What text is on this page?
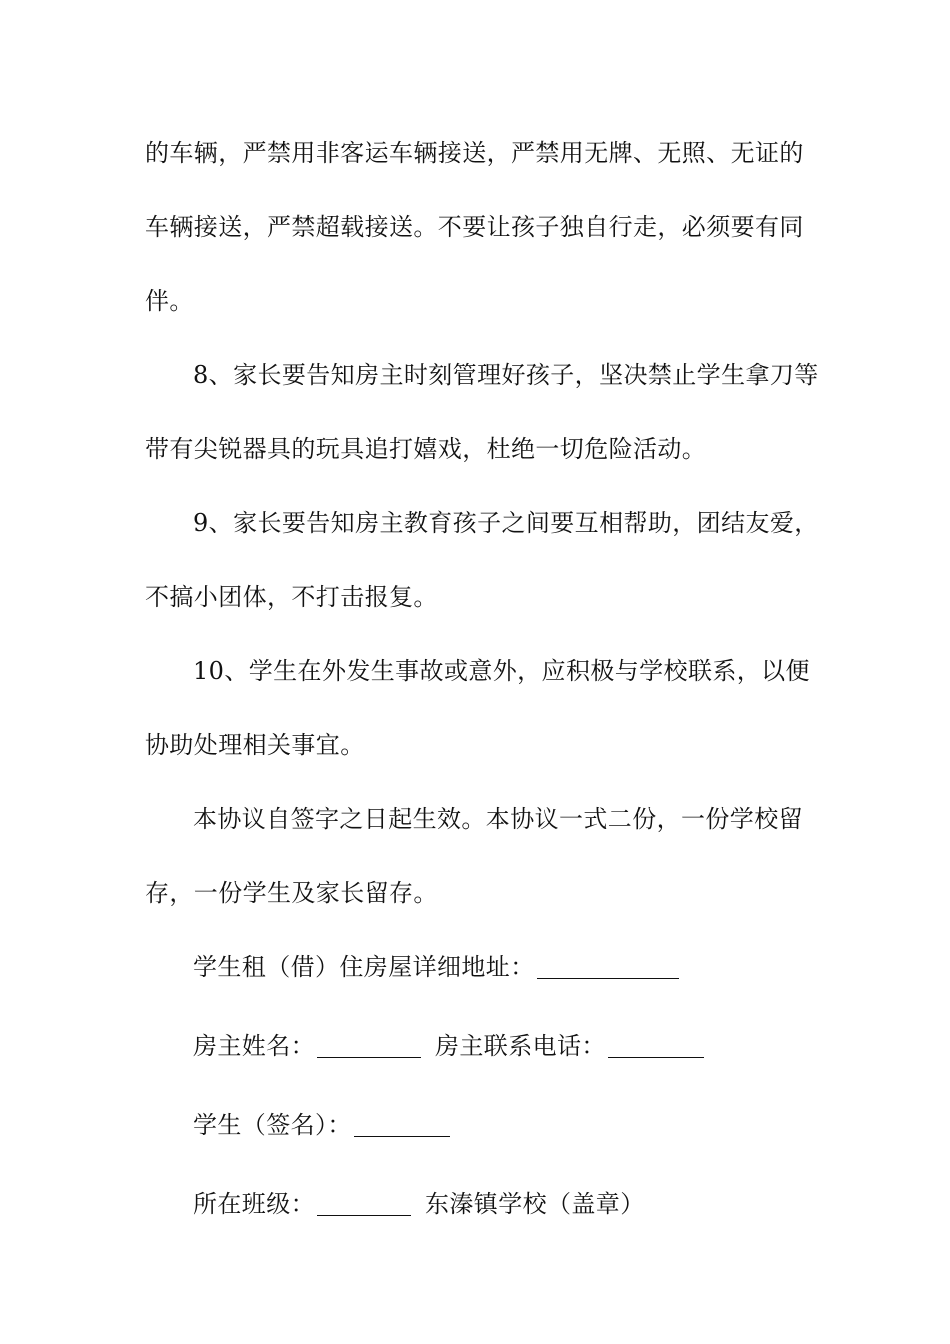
的车辆，严禁用非客运车辆接送，严禁用无牌、无照、无证的
车辆接送，严禁超载接送。不要让孩子独自行走，必须要有同
伴。
8、家长要告知房主时刻管理好孩子，坚决禁止学生拿刀等
带有尖锐器具的玩具追打嬉戏，杜绝一切危险活动。
9、家长要告知房主教育孩子之间要互相帮助，团结友爱，
不搞小团体，不打击报复。
10、学生在外发生事故或意外，应积极与学校联系，以便
协助处理相关事宜。
本协议自签字之日起生效。本协议一式二份，一份学校留
存，一份学生及家长留存。
学生租（借）住房屋详细地址：
房主姓名：	房主联系电话：
学生（签名）：
所在班级：	东溱镇学校（盖章）
